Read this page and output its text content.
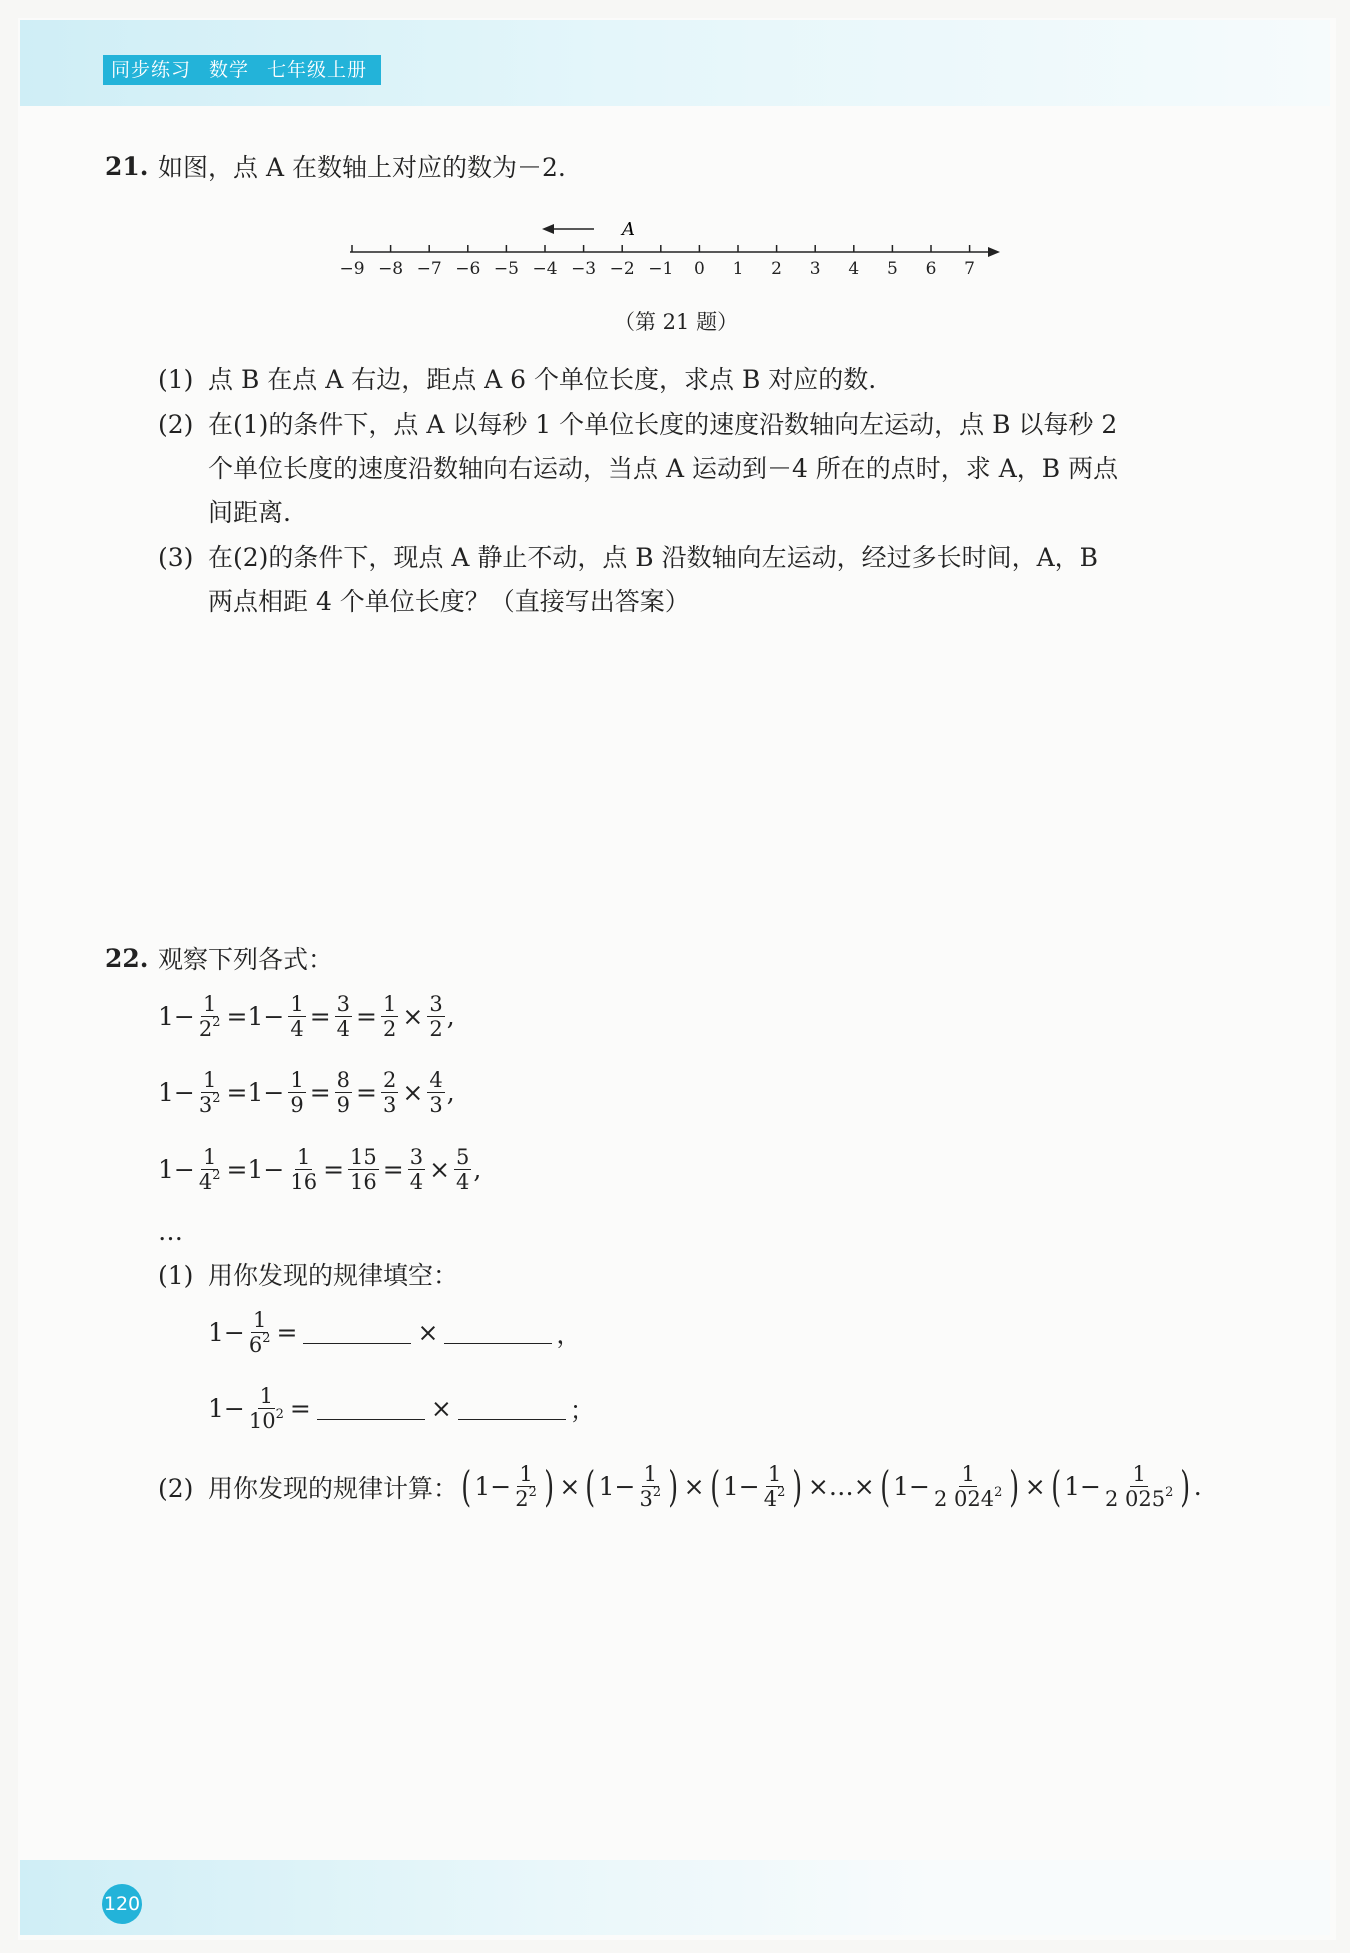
同步练习 数学 七年级上册
21. 如图，点 A 在数轴上对应的数为－2.
−9 −8 −7 −6 −5 −4 −3 −2 −1 0 1 2 3 4 5 6 7
A
（第 21 题）
(1) 点 B 在点 A 右边，距点 A 6 个单位长度，求点 B 对应的数.
(2) 在(1)的条件下，点 A 以每秒 1 个单位长度的速度沿数轴向左运动，点 B 以每秒 2
个单位长度的速度沿数轴向右运动，当点 A 运动到－4 所在的点时，求 A，B 两点
间距离.
(3) 在(2)的条件下，现点 A 静止不动，点 B 沿数轴向左运动，经过多长时间，A，B
两点相距 4 个单位长度？（直接写出答案）
22. 观察下列各式：
$1- \frac{1}{2^2} =1- \frac{1}{4} = \frac{3}{4} = \frac{1}{2} \times \frac{3}{2}$ ,
$1- \frac{1}{3^2} =1- \frac{1}{9} = \frac{8}{9} = \frac{2}{3} \times \frac{4}{3}$ ,
$1- \frac{1}{4^2} =1- \frac{1}{16} = \frac{15}{16} = \frac{3}{4} \times \frac{5}{4}$ ,
…
(1) 用你发现的规律填空：
$1- \frac{1}{6^2}$ =	×	，
$1- \frac{1}{10^2}$ =	×	；
(2) 用你发现的规律计算： ( $1- \frac{1}{2^2}$ ) × ( $1- \frac{1}{3^2}$ ) × ( $1- \frac{1}{4^2}$ ) ×…× ( $1- \frac{1}{2 024^2}$ ) × ( $1- \frac{1}{2 025^2}$ ) .
120
